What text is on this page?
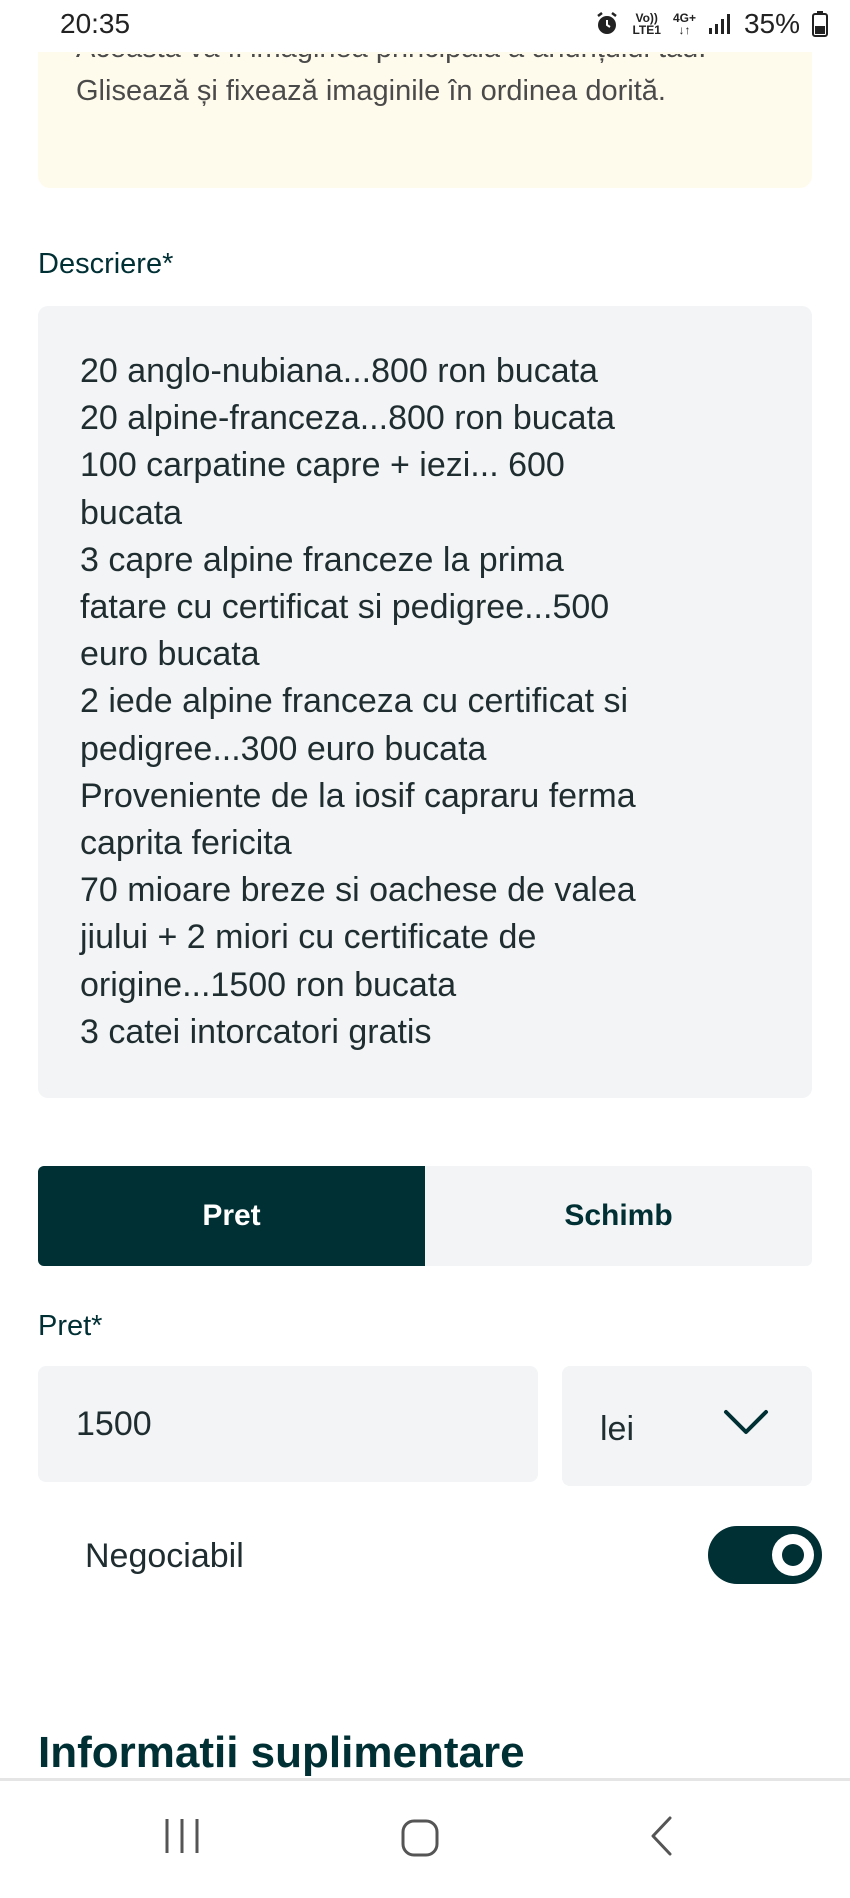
20:35	Vo))
LTE1
4G+
↓↑ 35%
Glisează și fixează imaginile în ordinea dorită.
Descriere*
20 anglo-nubiana...800 ron bucata
20 alpine-franceza...800 ron bucata
100 carpatine capre + iezi... 600
bucata
3 capre alpine franceze la prima
fatare cu certificat si pedigree...500
euro bucata
2 iede alpine franceza cu certificat si
pedigree...300 euro bucata
Proveniente de la iosif capraru ferma
caprita fericita
70 mioare breze si oachese de valea
jiului + 2 miori cu certificate de
origine...1500 ron bucata
3 catei intorcatori gratis
Pret	Schimb
Pret*
1500
lei
Negociabil
Informatii suplimentare
